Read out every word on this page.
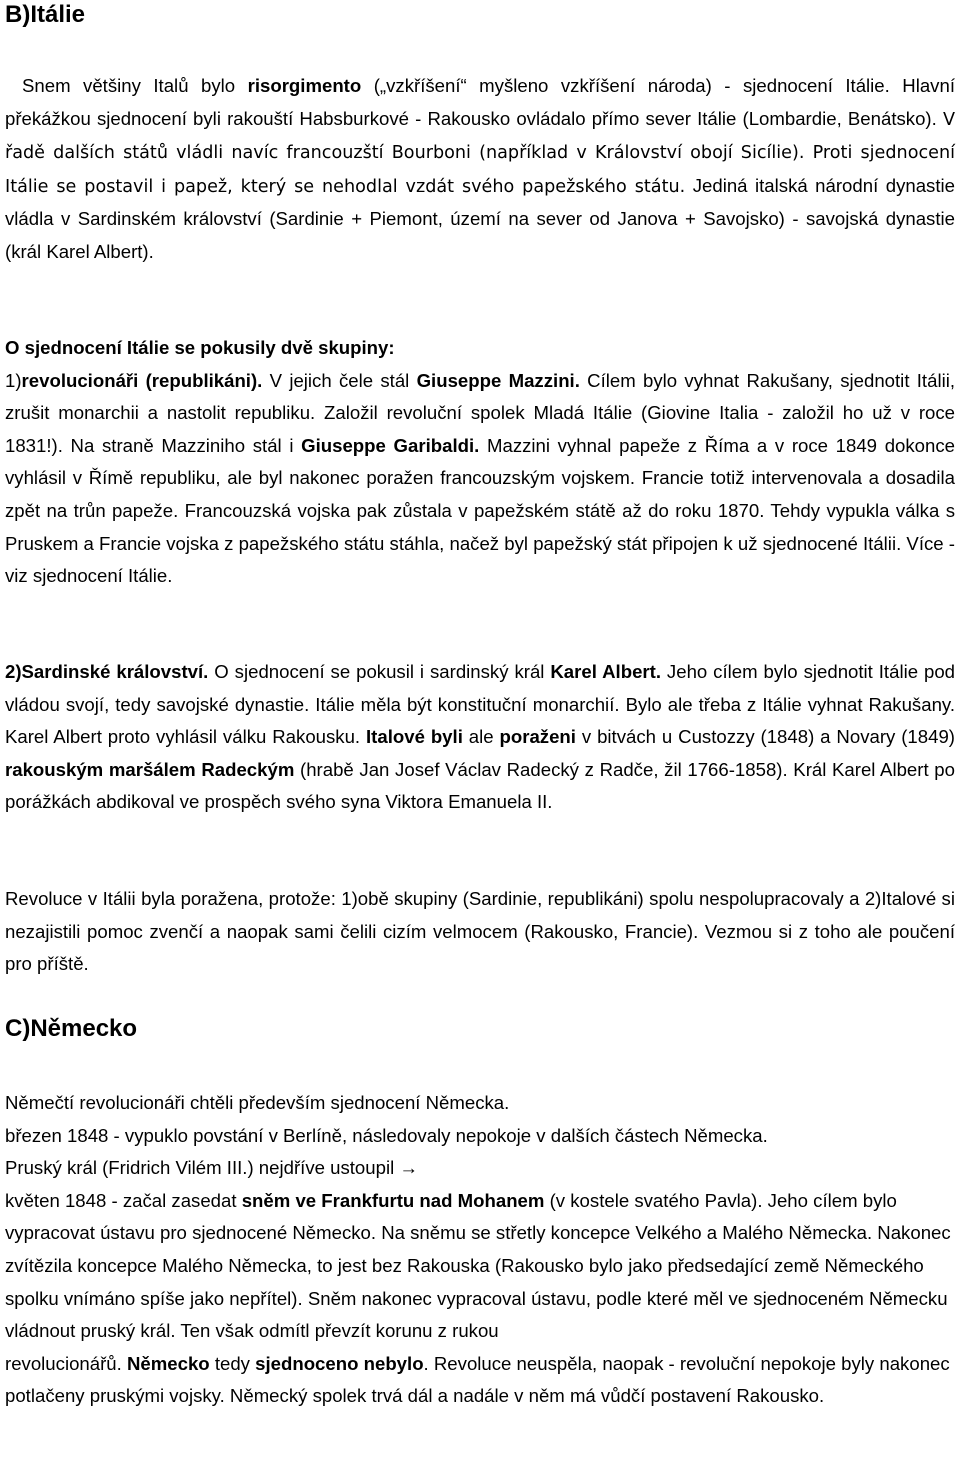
B)Itálie

Snem většiny Italů bylo risorgimento („vzkříšení“ myšleno vzkříšení národa) - sjednocení Itálie. Hlavní překážkou sjednocení byli rakouští Habsburkové - Rakousko ovládalo přímo sever Itálie (Lombardie, Benátsko). V řadě dalších států vládli navíc francouzští Bourboni (například v Království obojí Sicílie). Proti sjednocení Itálie se postavil i papež, který se nehodlal vzdát svého papežského státu. Jediná italská národní dynastie vládla v Sardinském království (Sardinie + Piemont, území na sever od Janova + Savojsko) - savojská dynastie (král Karel Albert).

O sjednocení Itálie se pokusily dvě skupiny:
1)revolucionáři (republikáni). V jejich čele stál Giuseppe Mazzini. Cílem bylo vyhnat Rakušany, sjednotit Itálii, zrušit monarchii a nastolit republiku. Založil revoluční spolek Mladá Itálie (Giovine Italia - založil ho už v roce 1831!). Na straně Mazziniho stál i Giuseppe Garibaldi. Mazzini vyhnal papeže z Říma a v roce 1849 dokonce vyhlásil v Římě republiku, ale byl nakonec poražen francouzským vojskem. Francie totiž intervenovala a dosadila zpět na trůn papeže. Francouzská vojska pak zůstala v papežském státě až do roku 1870. Tehdy vypukla válka s Pruskem a Francie vojska z papežského státu stáhla, načež byl papežský stát připojen k už sjednocené Itálii. Více - viz sjednocení Itálie.

2)Sardinské království. O sjednocení se pokusil i sardinský král Karel Albert. Jeho cílem bylo sjednotit Itálie pod vládou svojí, tedy savojské dynastie. Itálie měla být konstituční monarchií. Bylo ale třeba z Itálie vyhnat Rakušany. Karel Albert proto vyhlásil válku Rakousku. Italové byli ale poraženi v bitvách u Custozzy (1848) a Novary (1849) rakouským maršálem Radeckým (hrabě Jan Josef Václav Radecký z Radče, žil 1766-1858). Král Karel Albert po porážkách abdikoval ve prospěch svého syna Viktora Emanuela II.

Revoluce v Itálii byla poražena, protože: 1)obě skupiny (Sardinie, republikáni) spolu nespolupracovaly a 2)Italové si nezajistili pomoc zvenčí a naopak sami čelili cizím velmocem (Rakousko, Francie). Vezmou si z toho ale poučení pro příště.

C)Německo

Němečtí revolucionáři chtěli především sjednocení Německa.
březen 1848 - vypuklo povstání v Berlíně, následovaly nepokoje v dalších částech Německa.
Pruský král (Fridrich Vilém III.) nejdříve ustoupil →
květen 1848 - začal zasedat sněm ve Frankfurtu nad Mohanem (v kostele svatého Pavla). Jeho cílem bylo vypracovat ústavu pro sjednocené Německo. Na sněmu se střetly koncepce Velkého a Malého Německa. Nakonec zvítězila koncepce Malého Německa, to jest bez Rakouska (Rakousko bylo jako předsedající země Německého spolku vnímáno spíše jako nepřítel). Sněm nakonec vypracoval ústavu, podle které měl ve sjednoceném Německu vládnout pruský král. Ten však odmítl převzít korunu z rukou
revolucionářů. Německo tedy sjednoceno nebylo. Revoluce neuspěla, naopak - revoluční nepokoje byly nakonec potlačeny pruskými vojsky. Německý spolek trvá dál a nadále v něm má vůdčí postavení Rakousko.
